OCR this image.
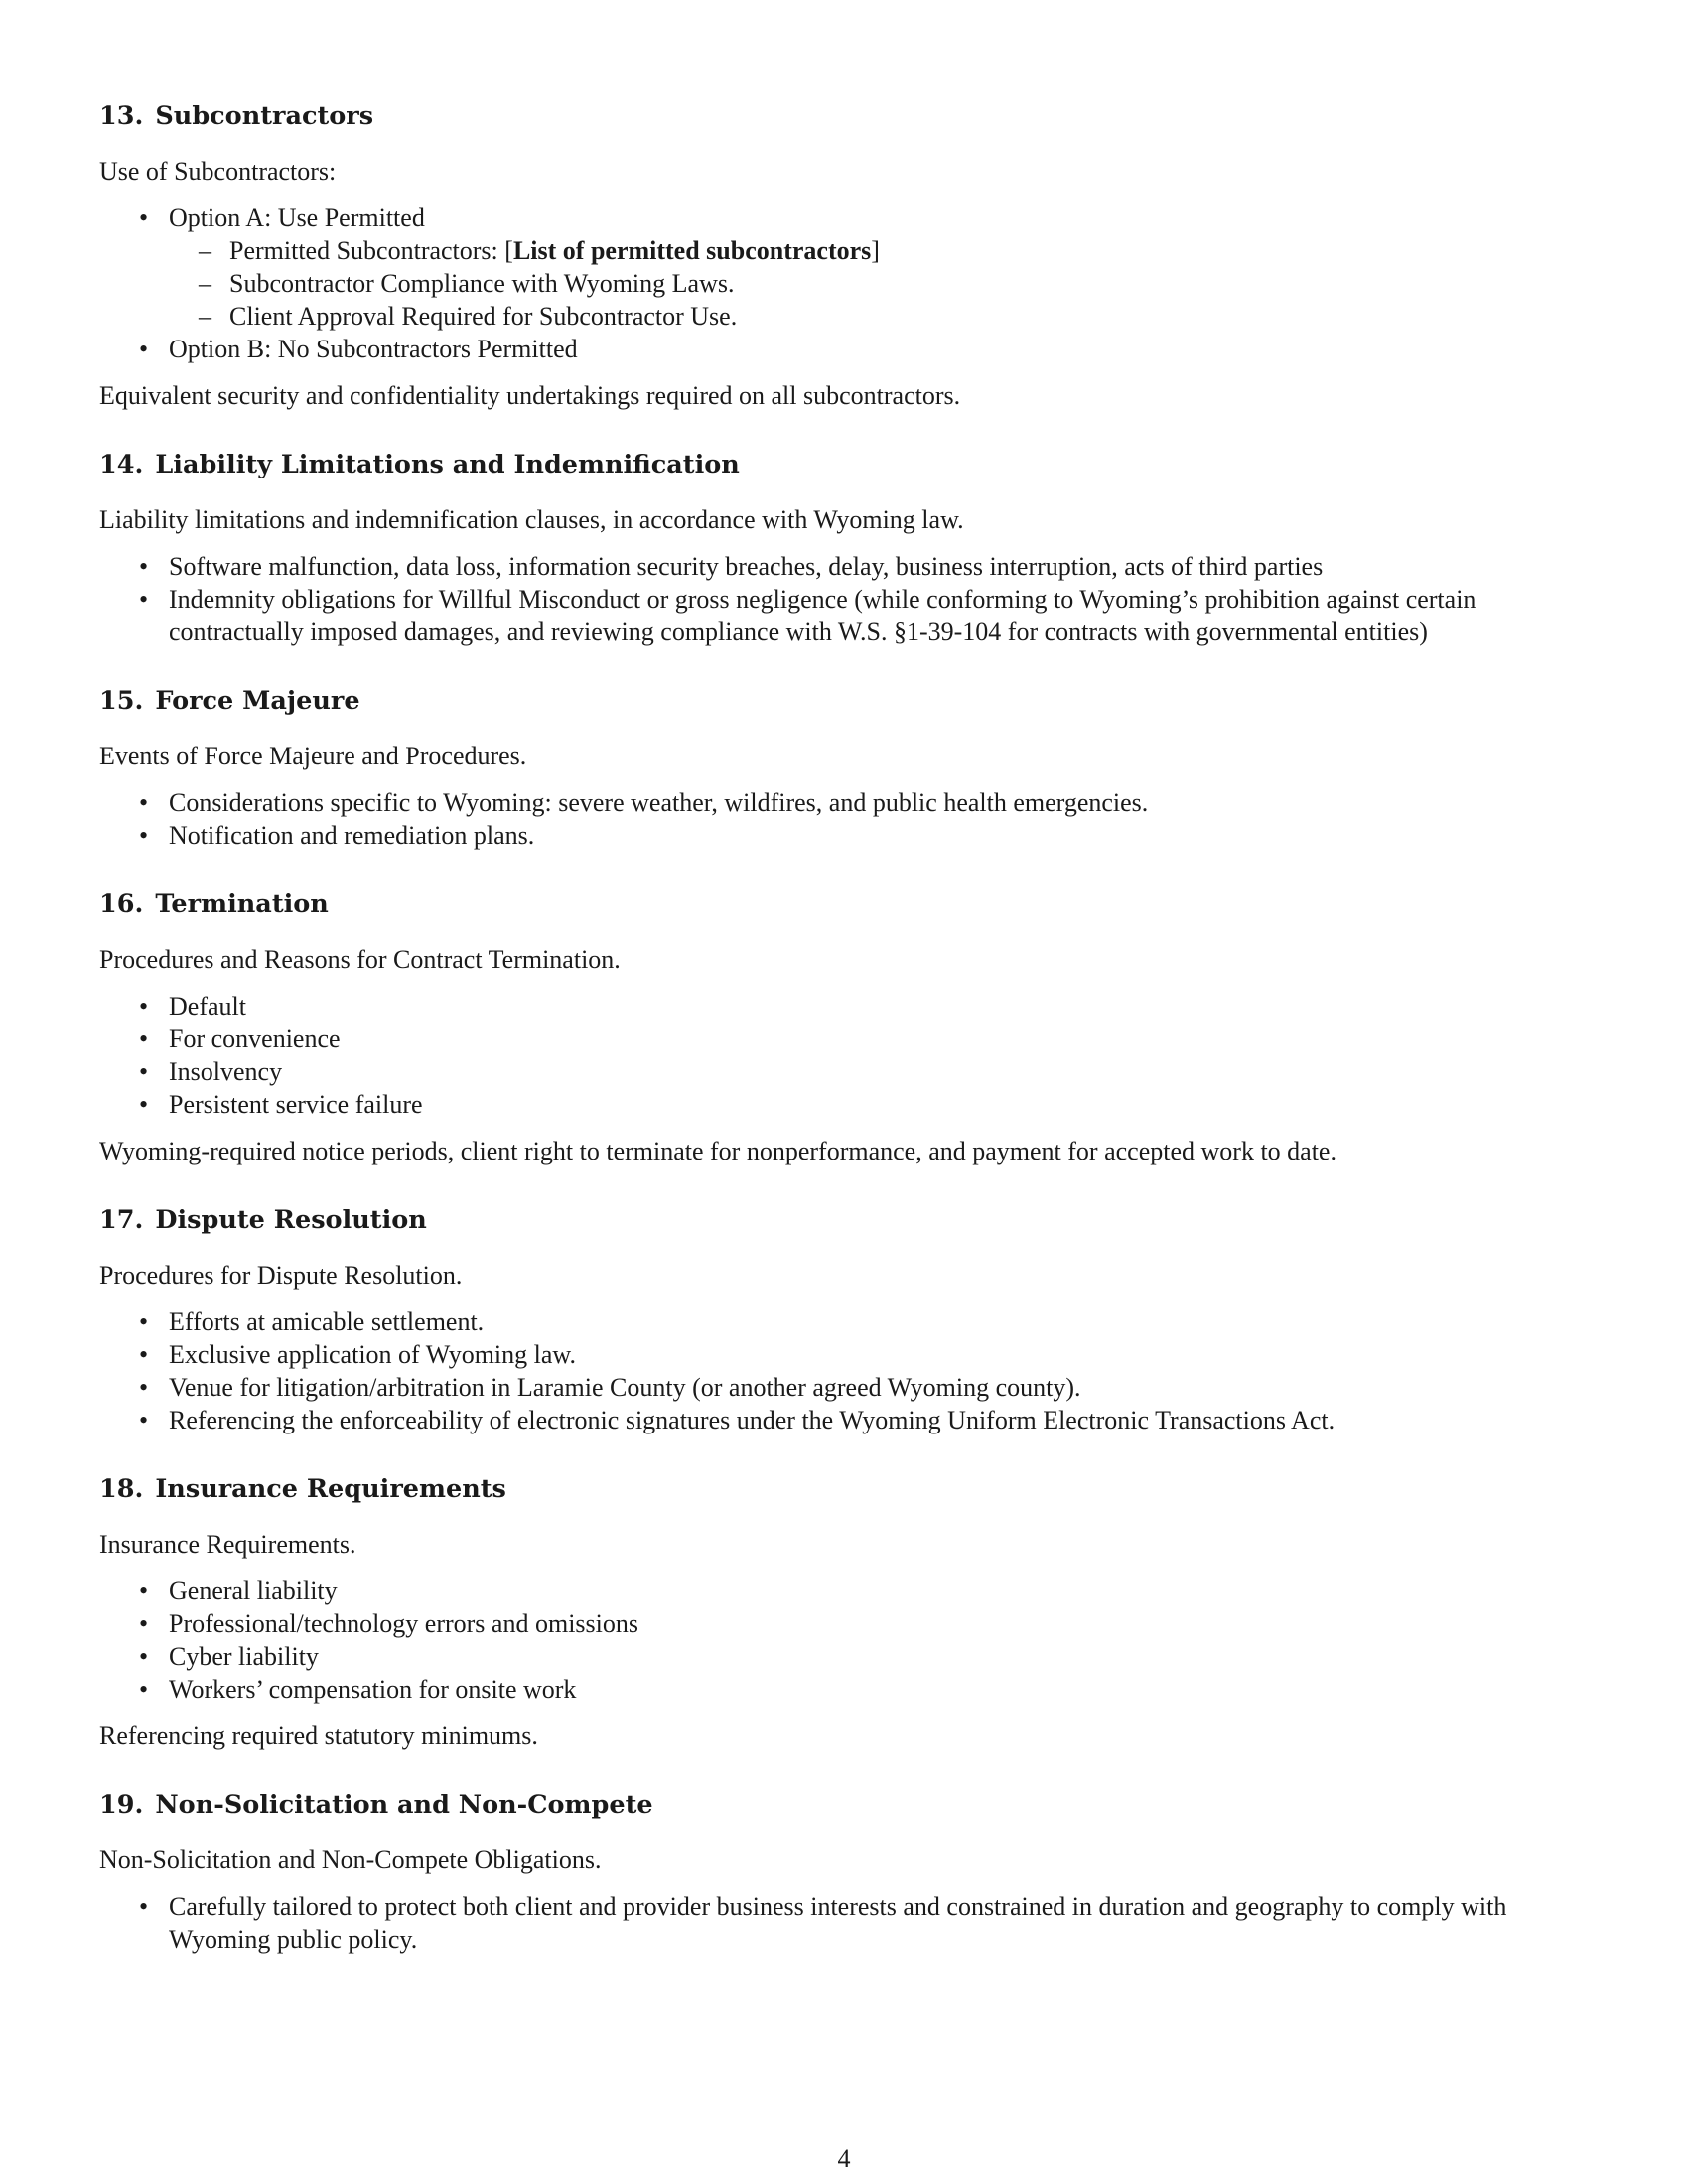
13. Subcontractors

Use of Subcontractors:

• Option A: Use Permitted
– Permitted Subcontractors: [List of permitted subcontractors]
– Subcontractor Compliance with Wyoming Laws.
– Client Approval Required for Subcontractor Use.
• Option B: No Subcontractors Permitted

Equivalent security and confidentiality undertakings required on all subcontractors.

14. Liability Limitations and Indemnification

Liability limitations and indemnification clauses, in accordance with Wyoming law.

• Software malfunction, data loss, information security breaches, delay, business interruption, acts of third parties
• Indemnity obligations for Willful Misconduct or gross negligence (while conforming to Wyoming’s prohibition against certain contractually imposed damages, and reviewing compliance with W.S. §1-39-104 for contracts with governmental entities)
15. Force Majeure

Events of Force Majeure and Procedures.

• Considerations specific to Wyoming: severe weather, wildfires, and public health emergencies.
• Notification and remediation plans.
16. Termination

Procedures and Reasons for Contract Termination.

• Default
• For convenience
• Insolvency
• Persistent service failure

Wyoming-required notice periods, client right to terminate for nonperformance, and payment for accepted work to date.

17. Dispute Resolution

Procedures for Dispute Resolution.

• Efforts at amicable settlement.
• Exclusive application of Wyoming law.
• Venue for litigation/arbitration in Laramie County (or another agreed Wyoming county).
• Referencing the enforceability of electronic signatures under the Wyoming Uniform Electronic Transactions Act.
18. Insurance Requirements

Insurance Requirements.

• General liability
• Professional/technology errors and omissions
• Cyber liability
• Workers’ compensation for onsite work

Referencing required statutory minimums.

19. Non-Solicitation and Non-Compete

Non-Solicitation and Non-Compete Obligations.

• Carefully tailored to protect both client and provider business interests and constrained in duration and geography to comply with Wyoming public policy.
4
